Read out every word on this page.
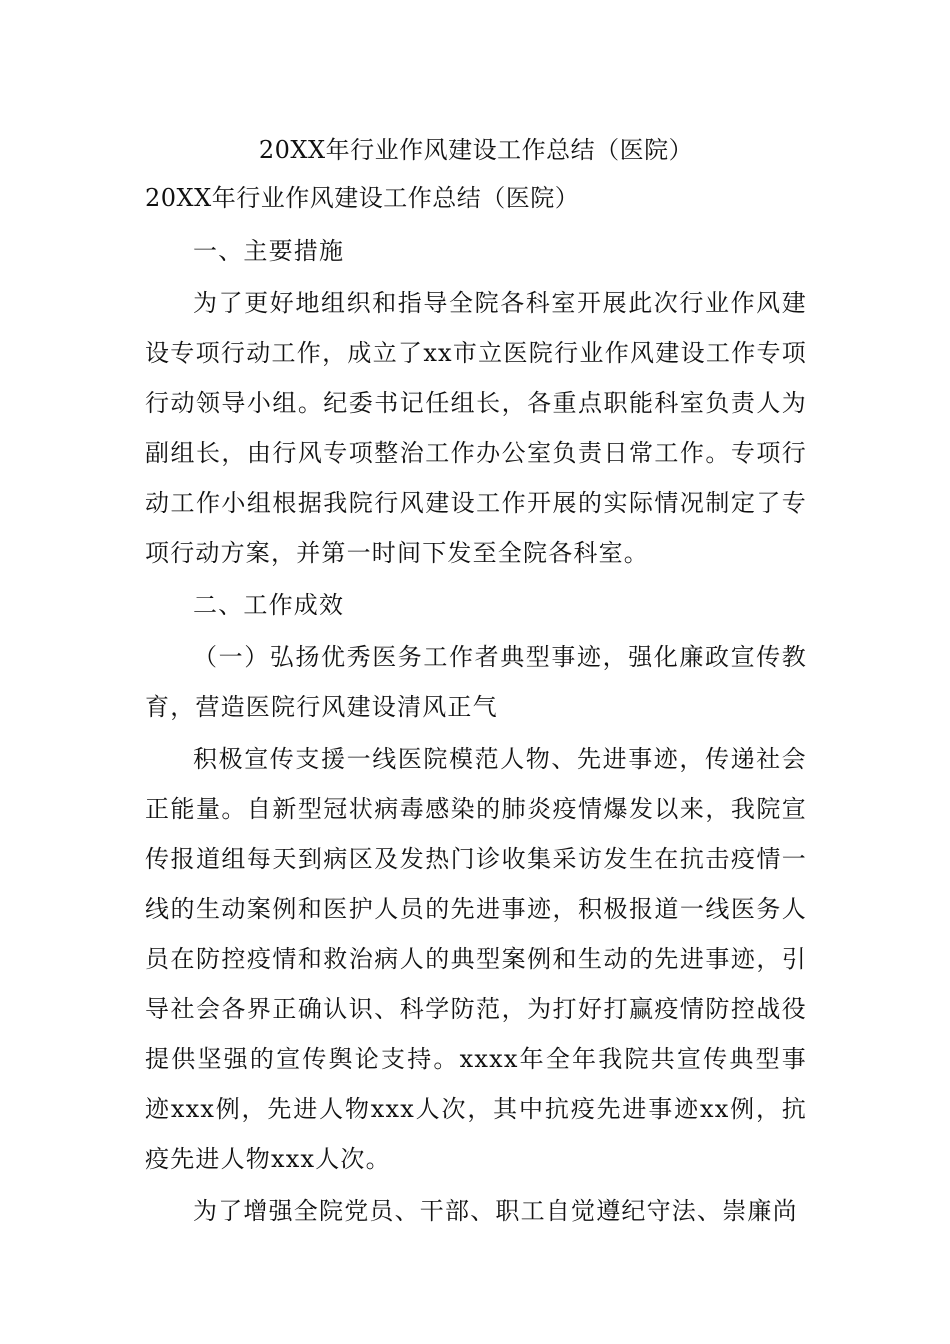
20XX年行业作风建设工作总结（医院）
20XX年行业作风建设工作总结（医院）

一、主要措施

为了更好地组织和指导全院各科室开展此次行业作风建设专项行动工作，成立了xx市立医院行业作风建设工作专项行动领导小组。纪委书记任组长，各重点职能科室负责人为副组长，由行风专项整治工作办公室负责日常工作。专项行动工作小组根据我院行风建设工作开展的实际情况制定了专项行动方案，并第一时间下发至全院各科室。

二、工作成效

（一）弘扬优秀医务工作者典型事迹，强化廉政宣传教育，营造医院行风建设清风正气

积极宣传支援一线医院模范人物、先进事迹，传递社会正能量。自新型冠状病毒感染的肺炎疫情爆发以来，我院宣传报道组每天到病区及发热门诊收集采访发生在抗击疫情一线的生动案例和医护人员的先进事迹，积极报道一线医务人员在防控疫情和救治病人的典型案例和生动的先进事迹，引导社会各界正确认识、科学防范，为打好打赢疫情防控战役提供坚强的宣传舆论支持。xxxx年全年我院共宣传典型事迹xxx例，先进人物xxx人次，其中抗疫先进事迹xx例，抗疫先进人物xxx人次。

为了增强全院党员、干部、职工自觉遵纪守法、崇廉尚
